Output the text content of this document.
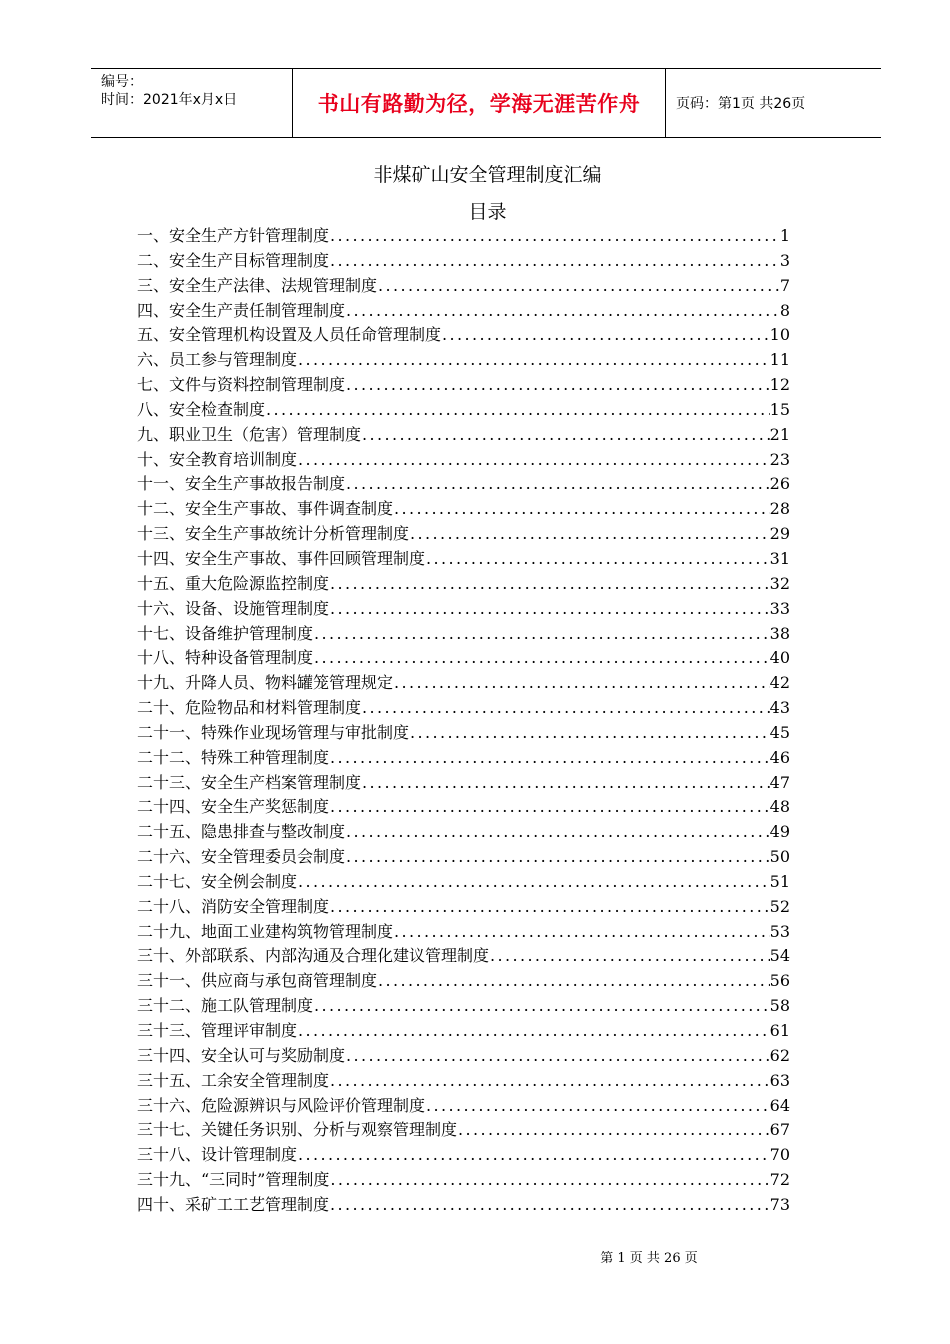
编号：
时间：2021年x月x日	书山有路勤为径，学海无涯苦作舟	页码：第1页 共26页
非煤矿山安全管理制度汇编
目录
一、安全生产方针管理制度 .....	1
二、安全生产目标管理制度 .....	3
三、安全生产法律、法规管理制度 .....	7
四、安全生产责任制管理制度 .....	8
五、安全管理机构设置及人员任命管理制度 .....	10
六、员工参与管理制度 .....	11
七、文件与资料控制管理制度 .....	12
八、安全检查制度 .....	15
九、职业卫生（危害）管理制度 .....	21
十、安全教育培训制度 .....	23
十一、安全生产事故报告制度 .....	26
十二、安全生产事故、事件调查制度 .....	28
十三、安全生产事故统计分析管理制度 .....	29
十四、安全生产事故、事件回顾管理制度 .....	31
十五、重大危险源监控制度 .....	32
十六、设备、设施管理制度 .....	33
十七、设备维护管理制度 .....	38
十八、特种设备管理制度 .....	40
十九、升降人员、物料罐笼管理规定 .....	42
二十、危险物品和材料管理制度 .....	43
二十一、特殊作业现场管理与审批制度 .....	45
二十二、特殊工种管理制度 .....	46
二十三、安全生产档案管理制度 .....	47
二十四、安全生产奖惩制度 .....	48
二十五、隐患排查与整改制度 .....	49
二十六、安全管理委员会制度 .....	50
二十七、安全例会制度 .....	51
二十八、消防安全管理制度 .....	52
二十九、地面工业建构筑物管理制度 .....	53
三十、外部联系、内部沟通及合理化建议管理制度 .....	54
三十一、供应商与承包商管理制度 .....	56
三十二、施工队管理制度 .....	58
三十三、管理评审制度 .....	61
三十四、安全认可与奖励制度 .....	62
三十五、工余安全管理制度 .....	63
三十六、危险源辨识与风险评价管理制度 .....	64
三十七、关键任务识别、分析与观察管理制度 .....	67
三十八、设计管理制度 .....	70
三十九、“三同时”管理制度 .....	72
四十、采矿工工艺管理制度 .....	73
第 1 页 共 26 页
